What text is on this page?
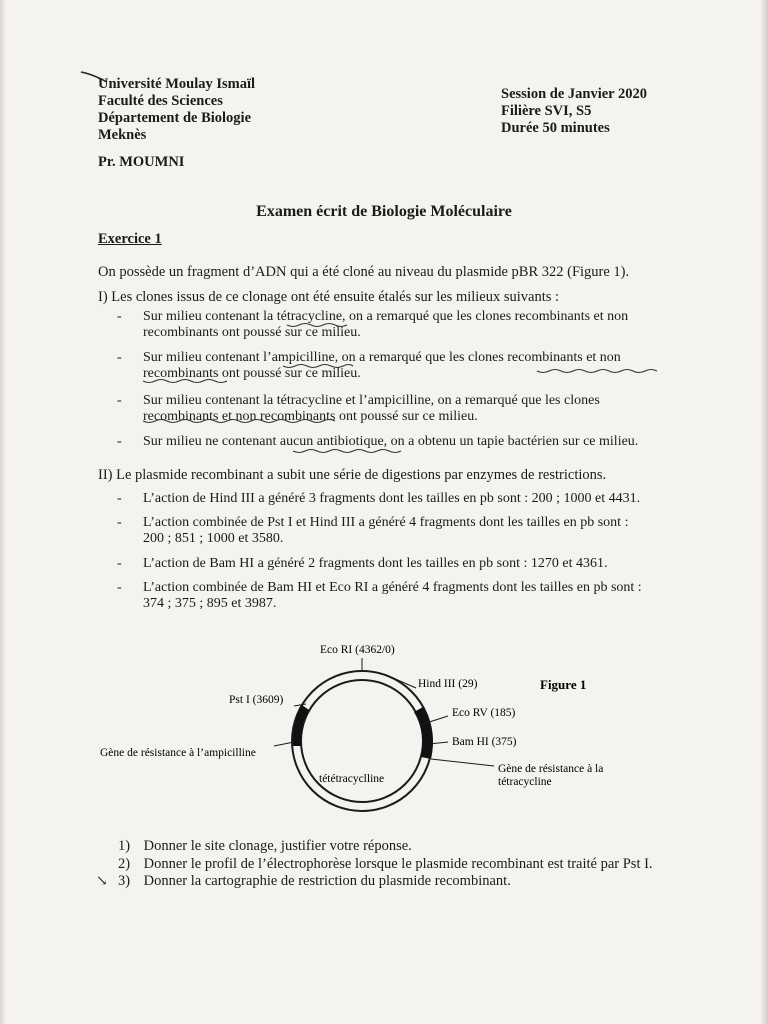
Université Moulay Ismaïl
Faculté des Sciences
Département de Biologie
Meknès
Session de Janvier 2020
Filière SVI, S5
Durée 50 minutes
Pr. MOUMNI
Examen écrit de Biologie Moléculaire
Exercice 1
On possède un fragment d’ADN qui a été cloné au niveau du plasmide pBR 322 (Figure 1).
I) Les clones issus de ce clonage ont été ensuite étalés sur les milieux suivants :
- Sur milieu contenant la tétracycline, on a remarqué que les clones recombinants et non
recombinants ont poussé sur ce milieu.
- Sur milieu contenant l’ampicilline, on a remarqué que les clones recombinants et non
recombinants ont poussé sur ce milieu.
- Sur milieu contenant la tétracycline et l’ampicilline, on a remarqué que les clones
recombinants et non recombinants ont poussé sur ce milieu.
- Sur milieu ne contenant aucun antibiotique, on a obtenu un tapie bactérien sur ce milieu.
II) Le plasmide recombinant a subit une série de digestions par enzymes de restrictions.
- L’action de Hind III a généré 3 fragments dont les tailles en pb sont : 200 ; 1000 et 4431.
- L’action combinée de Pst I et Hind III a généré 4 fragments dont les tailles en pb sont :
200 ; 851 ; 1000 et 3580.
- L’action de Bam HI a généré 2 fragments dont les tailles en pb sont : 1270 et 4361.
- L’action combinée de Bam HI et Eco RI a généré 4 fragments dont les tailles en pb sont :
374 ; 375 ; 895 et 3987.
Eco RI (4362/0)
Hind III (29)	Figure 1
Pst I (3609)
Eco RV (185)
Bam HI (375)
Gène de résistance à l’ampicilline
Gène de résistance à la
tétracycline
tététracyclline
↘
1) Donner le site clonage, justifier votre réponse.
2) Donner le profil de l’électrophorèse lorsque le plasmide recombinant est traité par Pst I.
3) Donner la cartographie de restriction du plasmide recombinant.
